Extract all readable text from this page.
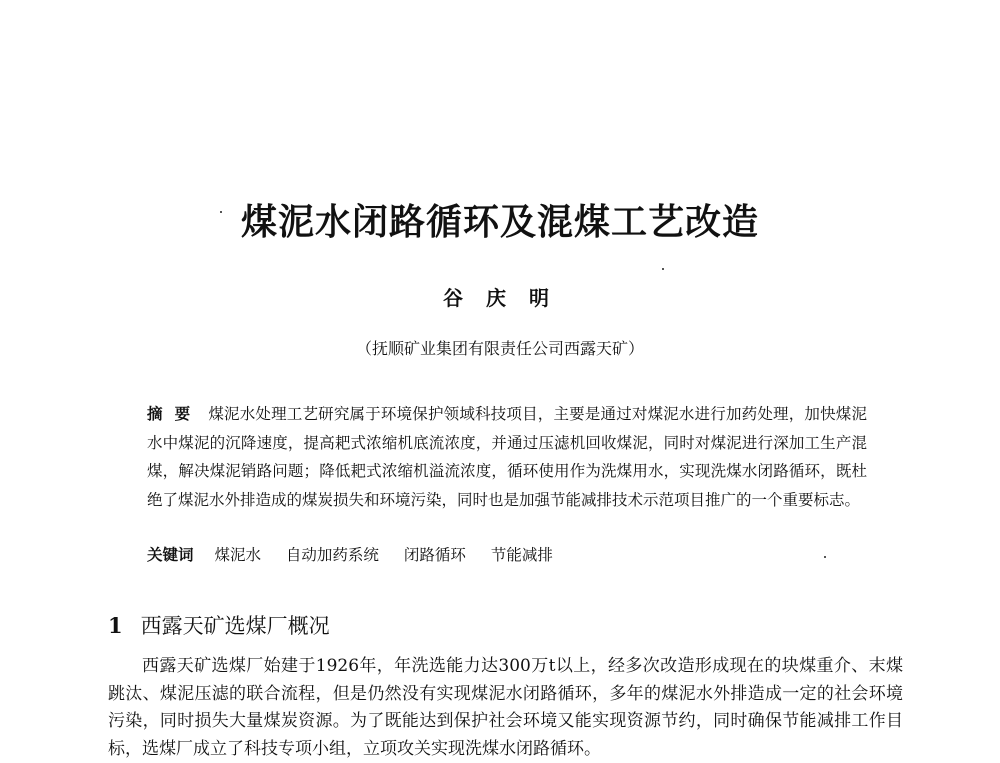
煤泥水闭路循环及混煤工艺改造
谷 庆 明
（抚顺矿业集团有限责任公司西露天矿）

摘要 煤泥水处理工艺研究属于环境保护领域科技项目，主要是通过对煤泥水进行加药处理，加快煤泥水中煤泥的沉降速度，提高耙式浓缩机底流浓度，并通过压滤机回收煤泥，同时对煤泥进行深加工生产混煤，解决煤泥销路问题；降低耙式浓缩机溢流浓度，循环使用作为洗煤用水，实现洗煤水闭路循环，既杜绝了煤泥水外排造成的煤炭损失和环境污染，同时也是加强节能减排技术示范项目推广的一个重要标志。

关键词 煤泥水 自动加药系统 闭路循环 节能减排
1 西露天矿选煤厂概况

西露天矿选煤厂始建于1926年，年洗选能力达300万t以上，经多次改造形成现在的块煤重介、末煤跳汰、煤泥压滤的联合流程，但是仍然没有实现煤泥水闭路循环，多年的煤泥水外排造成一定的社会环境污染，同时损失大量煤炭资源。为了既能达到保护社会环境又能实现资源节约，同时确保节能减排工作目标，选煤厂成立了科技专项小组，立项攻关实现洗煤水闭路循环。
